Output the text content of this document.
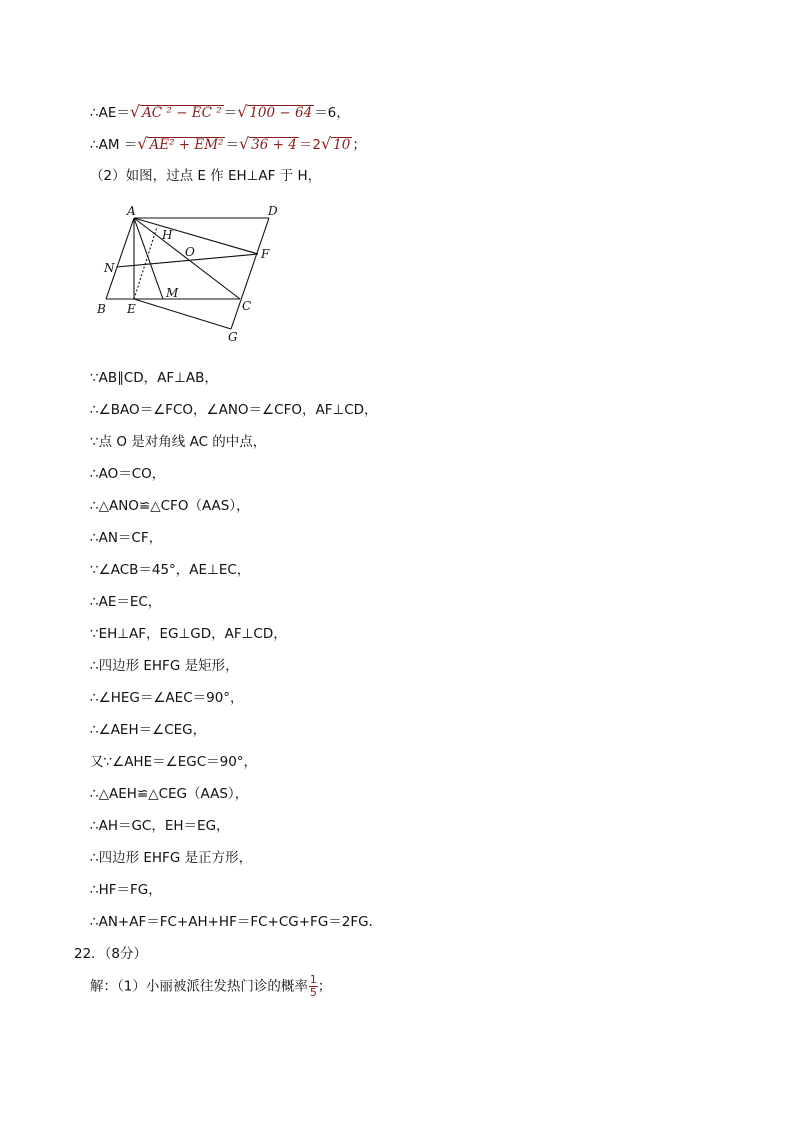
∴AE＝√ AC ² − EC ² ＝√ 100 − 64 ＝6，
∴AM ＝√ AE² + EM² ＝√ 36 + 4 ＝2√ 10 ；
（2）如图，过点 E 作 EH⊥AF 于 H，
A	D
H
O	F
N
M
B E	C
G
∵AB∥CD，AF⊥AB，
∴∠BAO＝∠FCO，∠ANO＝∠CFO，AF⊥CD，
∵点 O 是对角线 AC 的中点，
∴AO＝CO，
∴△ANO≌△CFO（AAS），
∴AN＝CF，
∵∠ACB＝45°，AE⊥EC，
∴AE＝EC，
∵EH⊥AF，EG⊥GD，AF⊥CD，
∴四边形 EHFG 是矩形，
∴∠HEG＝∠AEC＝90°，
∴∠AEH＝∠CEG，
又∵∠AHE＝∠EGC＝90°，
∴△AEH≌△CEG（AAS），
∴AH＝GC，EH＝EG，
∴四边形 EHFG 是正方形，
∴HF＝FG，
∴AN+AF＝FC+AH+HF＝FC+CG+FG＝2FG．
22．（8分）
解：（1）小丽被派往发热门诊的概率 $\frac{1}{5}$ ；
